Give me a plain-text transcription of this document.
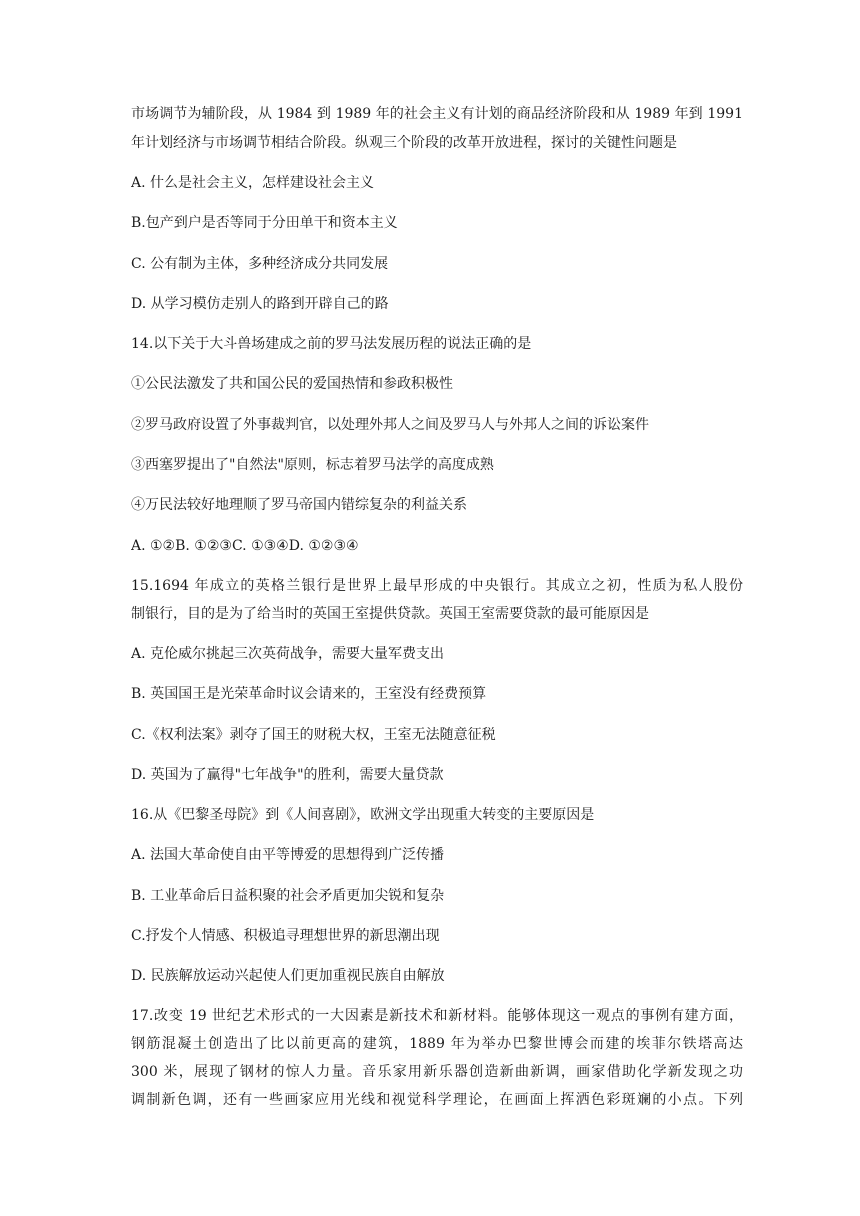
市场调节为辅阶段，从 1984 到 1989 年的社会主义有计划的商品经济阶段和从 1989 年到 1991
年计划经济与市场调节相结合阶段。纵观三个阶段的改革开放进程，探讨的关键性问题是
A. 什么是社会主义，怎样建设社会主义
B.包产到户是否等同于分田单干和资本主义
C. 公有制为主体，多种经济成分共同发展
D. 从学习模仿走别人的路到开辟自己的路
14.以下关于大斗兽场建成之前的罗马法发展历程的说法正确的是
①公民法激发了共和国公民的爱国热情和参政积极性
②罗马政府设置了外事裁判官，以处理外邦人之间及罗马人与外邦人之间的诉讼案件
③西塞罗提出了"自然法"原则，标志着罗马法学的高度成熟
④万民法较好地理顺了罗马帝国内错综复杂的利益关系
A. ①②B. ①②③C. ①③④D. ①②③④
15.1694 年成立的英格兰银行是世界上最早形成的中央银行。其成立之初，性质为私人股份
制银行，目的是为了给当时的英国王室提供贷款。英国王室需要贷款的最可能原因是
A. 克伦威尔挑起三次英荷战争，需要大量军费支出
B. 英国国王是光荣革命时议会请来的，王室没有经费预算
C.《权利法案》剥夺了国王的财税大权，王室无法随意征税
D. 英国为了赢得"七年战争"的胜利，需要大量贷款
16.从《巴黎圣母院》到《人间喜剧》，欧洲文学出现重大转变的主要原因是
A. 法国大革命使自由平等博爱的思想得到广泛传播
B. 工业革命后日益积聚的社会矛盾更加尖锐和复杂
C.抒发个人情感、积极追寻理想世界的新思潮出现
D. 民族解放运动兴起使人们更加重视民族自由解放
17.改变 19 世纪艺术形式的一大因素是新技术和新材料。能够体现这一观点的事例有建方面，
钢筋混凝土创造出了比以前更高的建筑，1889 年为举办巴黎世博会而建的埃菲尔铁塔高达
300 米，展现了钢材的惊人力量。音乐家用新乐器创造新曲新调，画家借助化学新发现之功
调制新色调，还有一些画家应用光线和视觉科学理论，在画面上挥洒色彩斑斓的小点。下列
